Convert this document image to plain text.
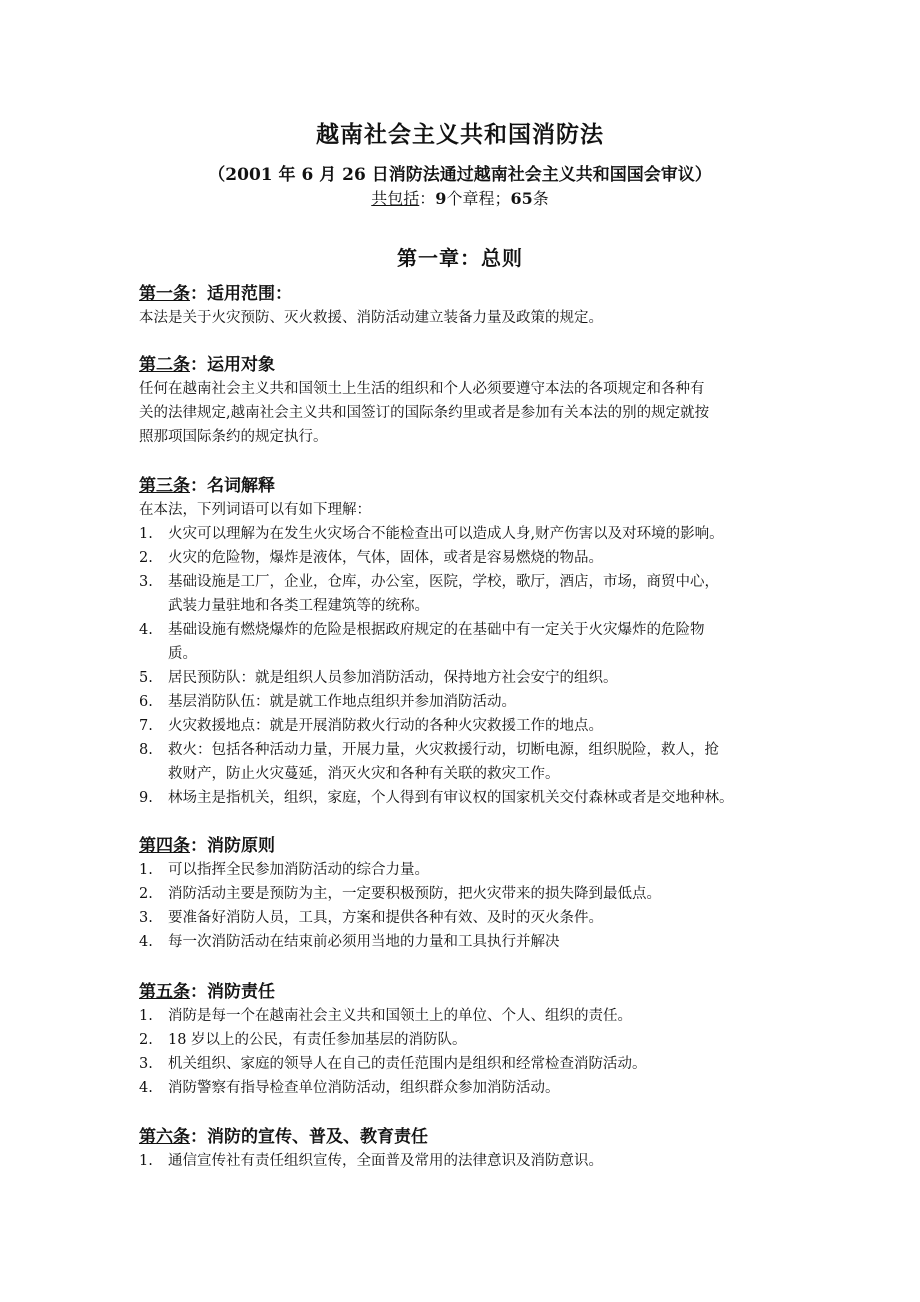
越南社会主义共和国消防法
（2001 年 6 月 26 日消防法通过越南社会主义共和国国会审议）
共包括：9个章程；65条
第一章：总则
第一条：适用范围：
本法是关于火灾预防、灭火救援、消防活动建立装备力量及政策的规定。
第二条：运用对象
任何在越南社会主义共和国领土上生活的组织和个人必须要遵守本法的各项规定和各种有
关的法律规定,越南社会主义共和国签订的国际条约里或者是参加有关本法的别的规定就按
照那项国际条约的规定执行。
第三条：名词解释
在本法，下列词语可以有如下理解：
1. 火灾可以理解为在发生火灾场合不能检查出可以造成人身,财产伤害以及对环境的影响。
2. 火灾的危险物，爆炸是液体，气体，固体，或者是容易燃烧的物品。
3. 基础设施是工厂，企业，仓库，办公室，医院，学校，歌厅，酒店，市场，商贸中心，
武装力量驻地和各类工程建筑等的统称。
4. 基础设施有燃烧爆炸的危险是根据政府规定的在基础中有一定关于火灾爆炸的危险物
质。
5. 居民预防队：就是组织人员参加消防活动，保持地方社会安宁的组织。
6. 基层消防队伍：就是就工作地点组织并参加消防活动。
7. 火灾救援地点：就是开展消防救火行动的各种火灾救援工作的地点。
8. 救火：包括各种活动力量，开展力量，火灾救援行动，切断电源，组织脱险，救人，抢
救财产，防止火灾蔓延，消灭火灾和各种有关联的救灾工作。
9. 林场主是指机关，组织，家庭，个人得到有审议权的国家机关交付森林或者是交地种林。
第四条：消防原则
1. 可以指挥全民参加消防活动的综合力量。
2. 消防活动主要是预防为主，一定要积极预防，把火灾带来的损失降到最低点。
3. 要准备好消防人员，工具，方案和提供各种有效、及时的灭火条件。
4. 每一次消防活动在结束前必须用当地的力量和工具执行并解决
第五条：消防责任
1. 消防是每一个在越南社会主义共和国领土上的单位、个人、组织的责任。
2. 18 岁以上的公民，有责任参加基层的消防队。
3. 机关组织、家庭的领导人在自己的责任范围内是组织和经常检查消防活动。
4. 消防警察有指导检查单位消防活动，组织群众参加消防活动。
第六条：消防的宣传、普及、教育责任
1. 通信宣传社有责任组织宣传，全面普及常用的法律意识及消防意识。
